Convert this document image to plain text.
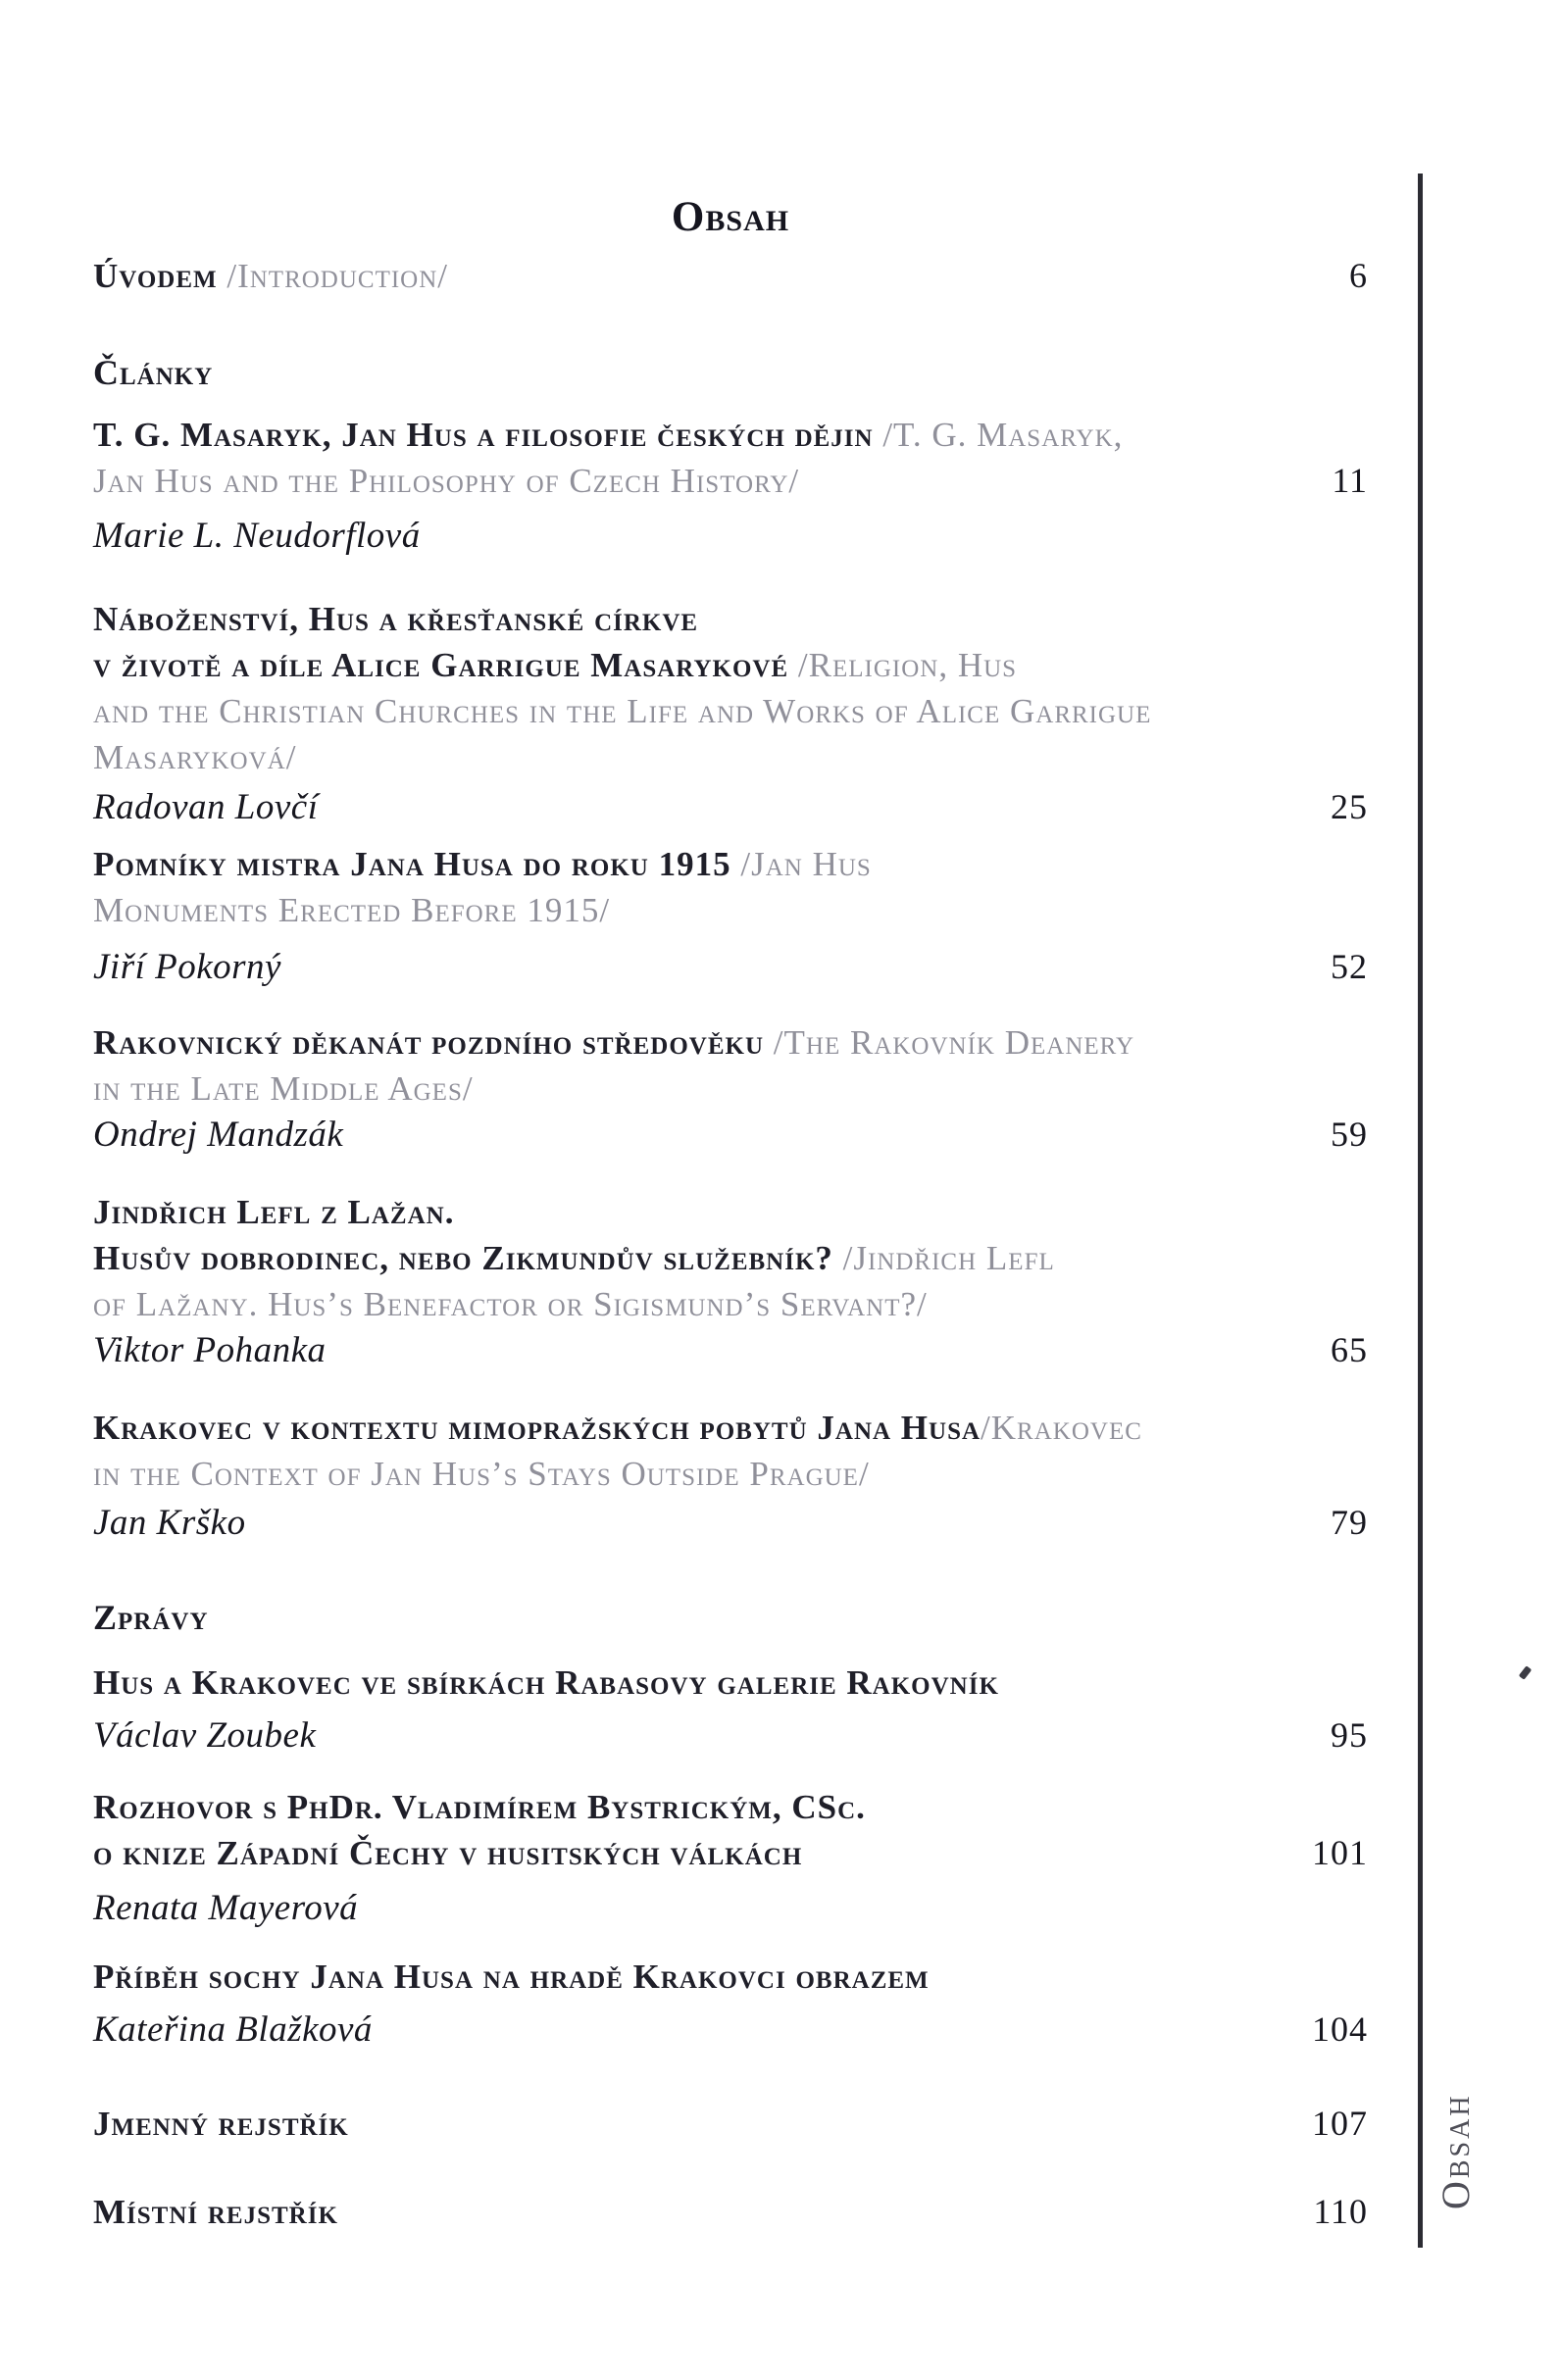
Obsah
Úvodem /Introduction/	6
Články
T. G. Masaryk, Jan Hus a filosofie českých dějin /T. G. Masaryk,
Jan Hus and the Philosophy of Czech History/	11
Marie L. Neudorflová
Náboženství, Hus a křesťanské církve
v životě a díle Alice Garrigue Masarykové /Religion, Hus
and the Christian Churches in the Life and Works of Alice Garrigue
Masaryková/
Radovan Lovčí	25
Pomníky mistra Jana Husa do roku 1915 /Jan Hus
Monuments Erected Before 1915/
Jiří Pokorný	52
Rakovnický děkanát pozdního středověku /The Rakovník Deanery
in the Late Middle Ages/
Ondrej Mandzák	59
Jindřich Lefl z Lažan.
Husův dobrodinec, nebo Zikmundův služebník? /Jindřich Lefl
of Lažany. Hus’s Benefactor or Sigismund’s Servant?/
Viktor Pohanka	65
Krakovec v kontextu mimopražských pobytů Jana Husa/Krakovec
in the Context of Jan Hus’s Stays Outside Prague/
Jan Krško	79
Zprávy
Hus a Krakovec ve sbírkách Rabasovy galerie Rakovník
Václav Zoubek	95
Rozhovor s PhDr. Vladimírem Bystrickým, CSc.
o knize Západní Čechy v husitských válkách	101
Renata Mayerová
Příběh sochy Jana Husa na hradě Krakovci obrazem
Kateřina Blažková	104
Jmenný rejstřík	107
Místní rejstřík	110
Obsah
